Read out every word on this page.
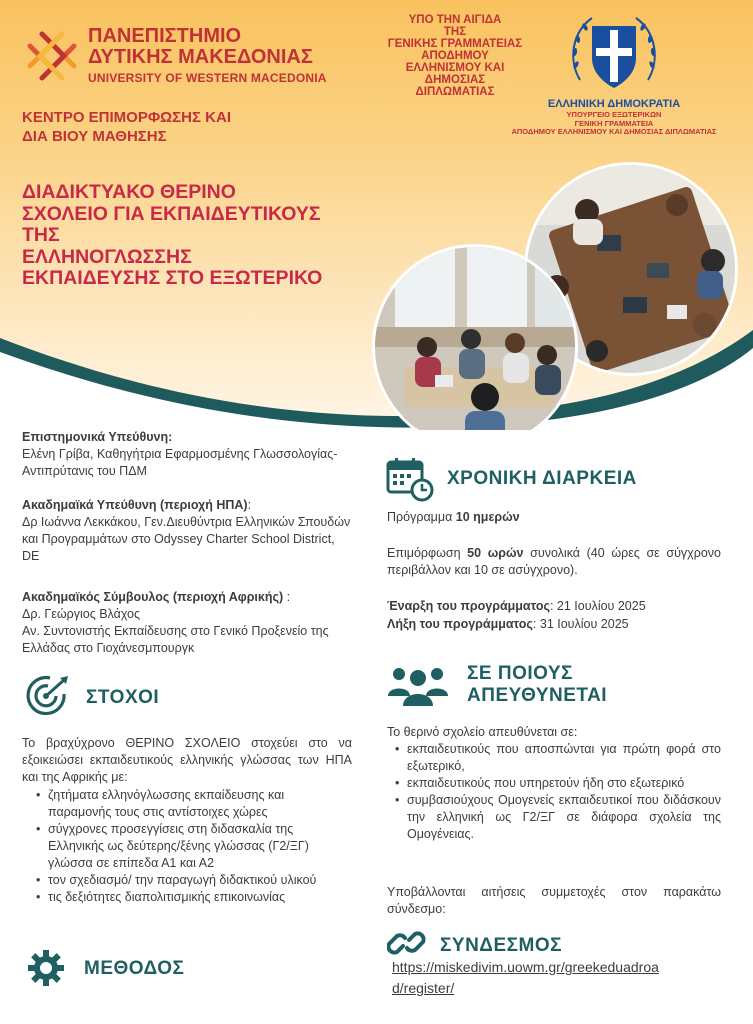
ΠΑΝΕΠΙΣΤΗΜΙΟ
ΔΥΤΙΚΗΣ ΜΑΚΕΔΟΝΙΑΣ
UNIVERSITY OF WESTERN MACEDONIA
ΚΕΝΤΡΟ ΕΠΙΜΟΡΦΩΣΗΣ ΚΑΙ
ΔΙΑ ΒΙΟΥ ΜΑΘΗΣΗΣ
ΥΠΟ ΤΗΝ ΑΙΓΙΔΑ
ΤΗΣ
ΓΕΝΙΚΗΣ ΓΡΑΜΜΑΤΕΙΑΣ
ΑΠΟΔΗΜΟΥ
ΕΛΛΗΝΙΣΜΟΥ ΚΑΙ
ΔΗΜΟΣΙΑΣ
ΔΙΠΛΩΜΑΤΙΑΣ
ΕΛΛΗΝΙΚΗ ΔΗΜΟΚΡΑΤΙΑ
ΥΠΟΥΡΓΕΙΟ ΕΞΩΤΕΡΙΚΩΝ
ΓΕΝΙΚΗ ΓΡΑΜΜΑΤΕΙΑ
ΑΠΟΔΗΜΟΥ ΕΛΛΗΝΙΣΜΟΥ ΚΑΙ ΔΗΜΟΣΙΑΣ ΔΙΠΛΩΜΑΤΙΑΣ
ΔΙΑΔΙΚΤΥΑΚΟ ΘΕΡΙΝΟ
ΣΧΟΛΕΙΟ ΓΙΑ ΕΚΠΑΙΔΕΥΤΙΚΟΥΣ
ΤΗΣ
ΕΛΛΗΝΟΓΛΩΣΣΗΣ
ΕΚΠΑΙΔΕΥΣΗΣ ΣΤΟ ΕΞΩΤΕΡΙΚΟ
Επιστημονικά Υπεύθυνη:
Ελένη Γρίβα, Καθηγήτρια Εφαρμοσμένης Γλωσσολογίας- Αντιπρύτανις του ΠΔΜ
Ακαδημαϊκά Υπεύθυνη (περιοχή ΗΠΑ):
Δρ Ιωάννα Λεκκάκου, Γεν.Διευθύντρια Ελληνικών Σπουδών και Προγραμμάτων στο Odyssey Charter School District, DE
Ακαδημαϊκός Σύμβουλος (περιοχή Αφρικής) :
Δρ. Γεώργιος Βλάχος
Αν. Συντονιστής Εκπαίδευσης στο Γενικό Προξενείο της Ελλάδας στο Γιοχάνεσμπουργκ
ΣΤΟΧΟΙ
Το βραχύχρονο ΘΕΡΙΝΟ ΣΧΟΛΕΙΟ στοχεύει στο να εξοικειώσει εκπαιδευτικούς ελληνικής γλώσσας των ΗΠΑ και της Αφρικής με:
• ζητήματα ελληνόγλωσσης εκπαίδευσης και παραμονής τους στις αντίστοιχες χώρες
• σύγχρονες προσεγγίσεις στη διδασκαλία της Ελληνικής ως δεύτερης/ξένης γλώσσας (Γ2/ΞΓ) γλώσσα σε επίπεδα Α1 και Α2
• τον σχεδιασμό/ την παραγωγή διδακτικού υλικού
• τις δεξιότητες διαπολιτισμικής επικοινωνίας
ΜΕΘΟΔΟΣ
ΧΡΟΝΙΚΗ ΔΙΑΡΚΕΙΑ
Πρόγραμμα 10 ημερών
Επιμόρφωση 50 ωρών συνολικά (40 ώρες σε σύγχρονο περιβάλλον και 10 σε ασύγχρονο).
Έναρξη του προγράμματος: 21 Ιουλίου 2025
Λήξη του προγράμματος: 31 Ιουλίου 2025
ΣΕ ΠΟΙΟΥΣ
ΑΠΕΥΘΥΝΕΤΑΙ
Το θερινό σχολείο απευθύνεται σε:
• εκπαιδευτικούς που αποσπώνται για πρώτη φορά στο εξωτερικό,
• εκπαιδευτικούς που υπηρετούν ήδη στο εξωτερικό
• συμβασιούχους Ομογενείς εκπαιδευτικοί που διδάσκουν την ελληνική ως Γ2/ΞΓ σε διάφορα σχολεία της Ομογένειας.
Υποβάλλονται αιτήσεις συμμετοχές στον παρακάτω σύνδεσμο:
ΣΥΝΔΕΣΜΟΣ
https://miskedivim.uowm.gr/greekeduadroa
d/register/
